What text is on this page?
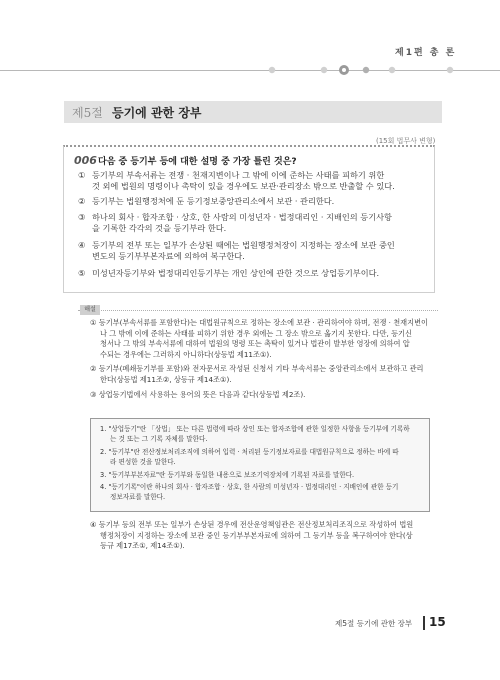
제1편 총 론
제5절 등기에 관한 장부
(15회 법무사 변형)
006 다음 중 등기부 등에 대한 설명 중 가장 틀린 것은?
① 등기부의 부속서류는 전쟁 · 천재지변이나 그 밖에 이에 준하는 사태를 피하기 위한
것 외에 법원의 명령이나 촉탁이 있을 경우에도 보관·관리장소 밖으로 반출할 수 있다.
② 등기부는 법원행정처에 둔 등기정보중앙관리소에서 보관 · 관리한다.
③ 하나의 회사 · 합자조합 · 상호, 한 사람의 미성년자 · 법정대리인 · 지배인의 등기사항
을 기록한 각각의 것을 등기부라 한다.
④ 등기부의 전부 또는 일부가 손상된 때에는 법원행정처장이 지정하는 장소에 보관 중인
변도의 등기부부본자료에 의하여 복구한다.
⑤ 미성년자등기부와 법정대리인등기부는 개인 상인에 관한 것으로 상업등기부이다.
해설
① 등기부(부속서류를 포함한다)는 대법원규칙으로 정하는 장소에 보관 · 관리하여야 하며, 전쟁 · 천재지변이
나 그 밖에 이에 준하는 사태를 피하기 위한 경우 외에는 그 장소 밖으로 옮기지 못한다. 다만, 등기신
청서나 그 밖의 부속서류에 대하여 법원의 명령 또는 촉탁이 있거나 법관이 발부한 영장에 의하여 압
수되는 경우에는 그러하지 아니하다(상등법 제11조①).
② 등기부(폐쇄등기부를 포함)와 전자문서로 작성된 신청서 기타 부속서류는 중앙관리소에서 보관하고 관리
한다(상등법 제11조②, 상등규 제14조①).
③ 상업등기법에서 사용하는 용어의 뜻은 다음과 같다(상등법 제2조).
1. "상업등기"란 「상법」 또는 다른 법령에 따라 상인 또는 합자조합에 관한 일정한 사항을 등기부에 기록하
는 것 또는 그 기록 자체를 말한다.
2. "등기부"란 전산정보처리조직에 의하여 입력 · 처리된 등기정보자료를 대법원규칙으로 정하는 바에 따
라 편성한 것을 말한다.
3. "등기부부본자료"란 등기부와 동일한 내용으로 보조기억장치에 기록된 자료를 말한다.
4. "등기기록"이란 하나의 회사 · 합자조합 · 상호, 한 사람의 미성년자 · 법정대리인 · 지배인에 관한 등기
정보자료를 말한다.
④ 등기부 등의 전부 또는 일부가 손상된 경우에 전산운영책임관은 전산정보처리조직으로 작성하여 법원
행정처장이 지정하는 장소에 보관 중인 등기부부본자료에 의하여 그 등기부 등을 복구하여야 한다(상
등규 제17조①, 제14조①).
제5절 등기에 관한 장부 15
